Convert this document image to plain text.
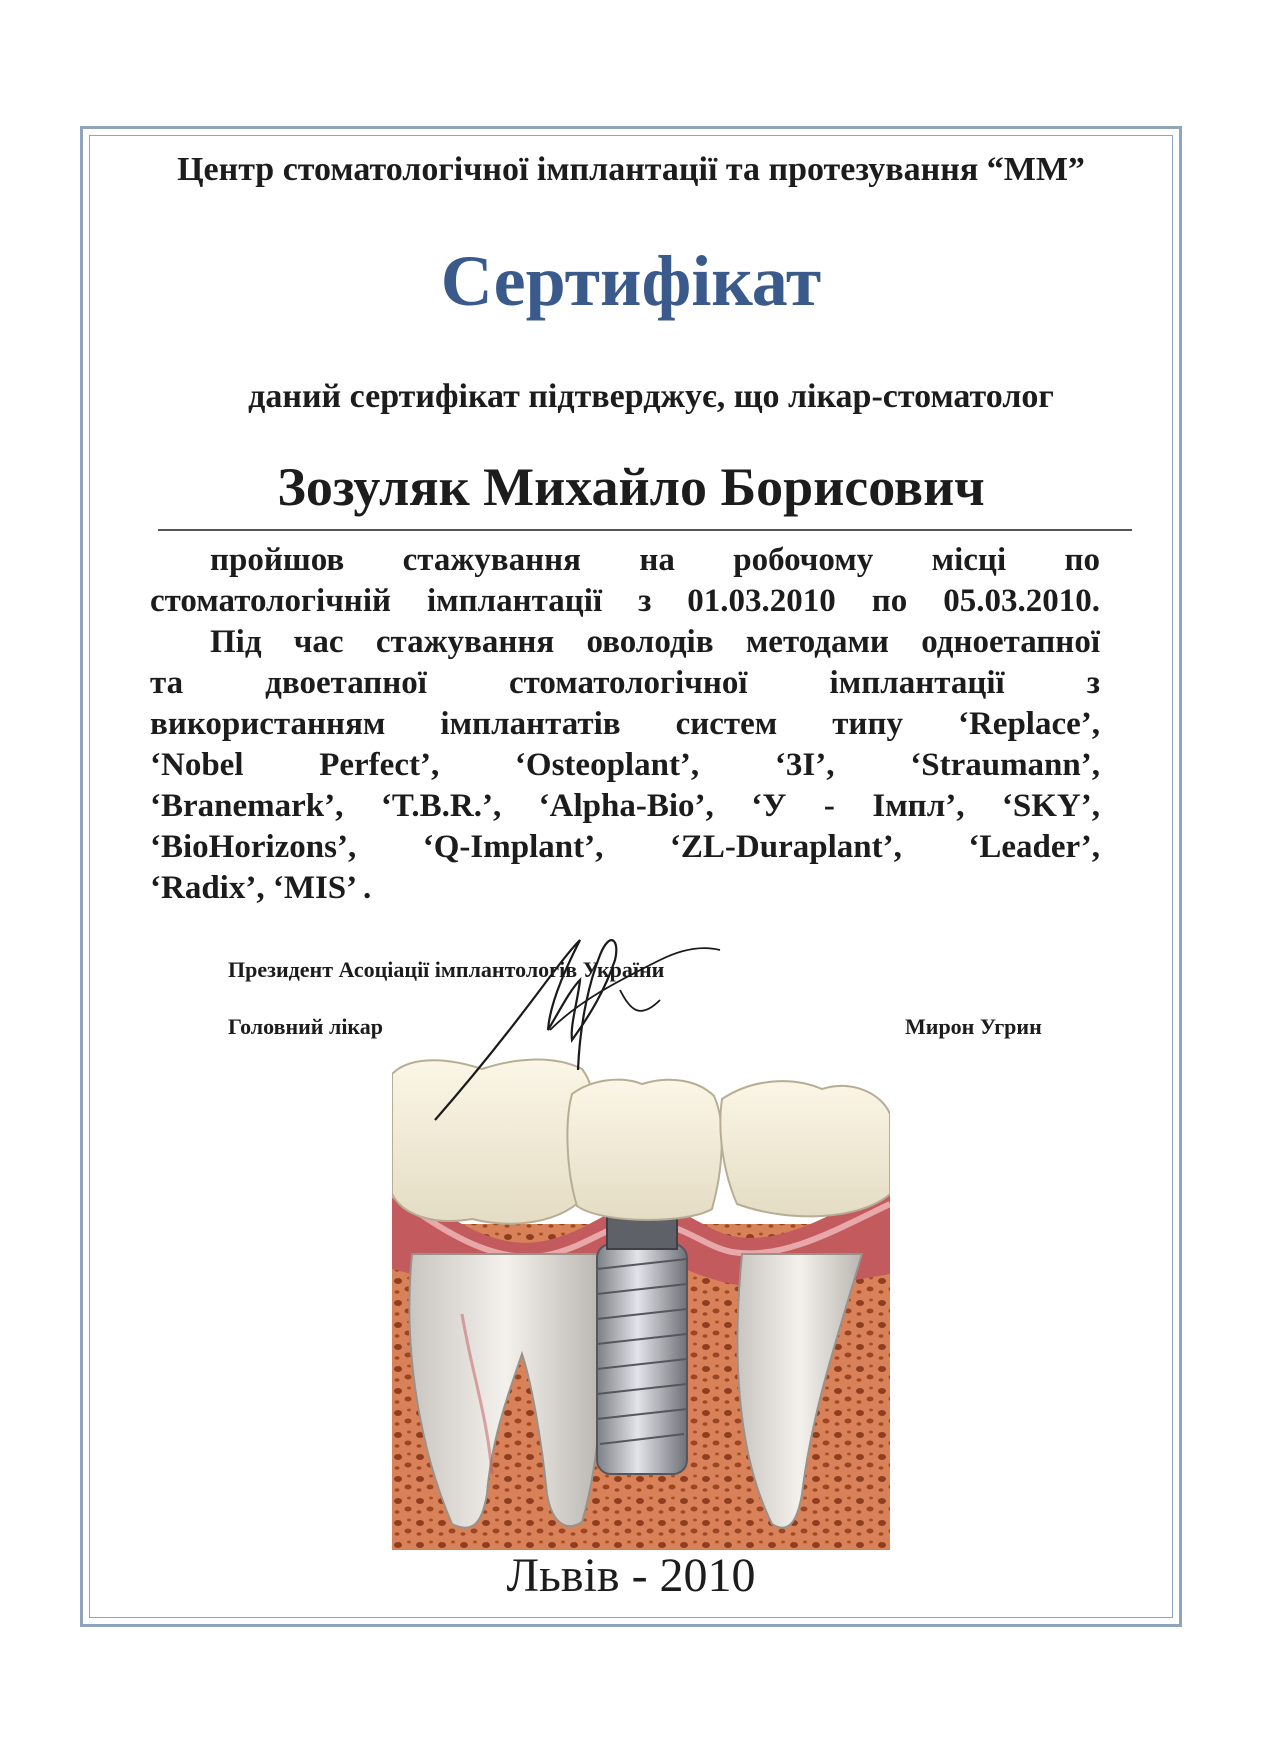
Центр стоматологічної імплантації та протезування “ММ”
Сертифікат
даний сертифікат підтверджує, що лікар-стоматолог
Зозуляк Михайло Борисович
пройшов стажування на робочому місці по
стоматологічній імплантації з 01.03.2010 по 05.03.2010.
Під час стажування оволодів методами одноетапної
та двоетапної стоматологічної імплантації з
використанням імплантатів систем типу ‘Replace’,
‘Nobel Perfect’, ‘Osteoplant’, ‘3I’, ‘Straumann’,
‘Branemark’, ‘T.B.R.’, ‘Alpha-Bio’, ‘У - Імпл’, ‘SKY’,
‘BioHorizons’, ‘Q-Implant’, ‘ZL-Duraplant’, ‘Leader’,
‘Radix’, ‘MIS’ .
Президент Асоціації імплантологів України
Головний лікар	Мирон Угрин
Львів - 2010
